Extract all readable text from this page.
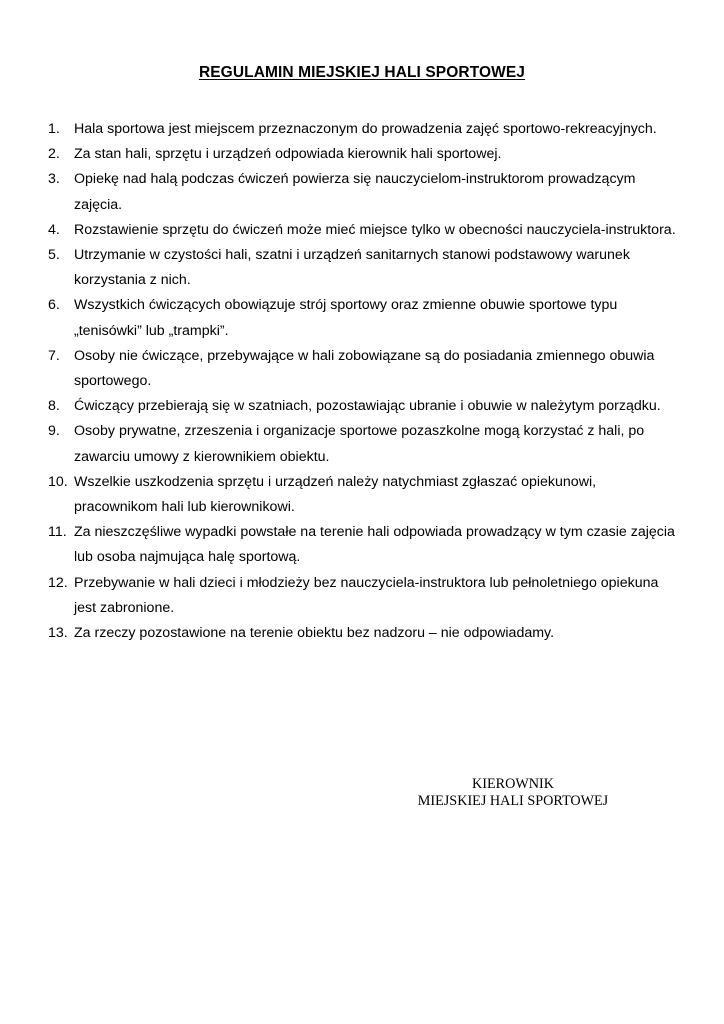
REGULAMIN MIEJSKIEJ HALI SPORTOWEJ
1. Hala sportowa jest miejscem przeznaczonym do prowadzenia zajęć sportowo-rekreacyjnych.
2. Za stan hali, sprzętu i urządzeń odpowiada kierownik hali sportowej.
3. Opiekę nad halą podczas ćwiczeń powierza się nauczycielom-instruktorom prowadzącym zajęcia.
4. Rozstawienie sprzętu do ćwiczeń może mieć miejsce tylko w obecności nauczyciela-instruktora.
5. Utrzymanie w czystości hali, szatni i urządzeń sanitarnych stanowi podstawowy warunek korzystania z nich.
6. Wszystkich ćwiczących obowiązuje strój sportowy oraz zmienne obuwie sportowe typu „tenisówki” lub „trampki”.
7. Osoby nie ćwiczące, przebywające w hali zobowiązane są do posiadania zmiennego obuwia sportowego.
8. Ćwiczący przebierają się w szatniach, pozostawiając ubranie i obuwie w należytym porządku.
9. Osoby prywatne, zrzeszenia i organizacje sportowe pozaszkolne mogą korzystać z hali, po zawarciu umowy z kierownikiem obiektu.
10. Wszelkie uszkodzenia sprzętu i urządzeń należy natychmiast zgłaszać opiekunowi, pracownikom hali lub kierownikowi.
11. Za nieszczęśliwe wypadki powstałe na terenie hali odpowiada prowadzący w tym czasie zajęcia lub osoba najmująca halę sportową.
12. Przebywanie w hali dzieci i młodzieży bez nauczyciela-instruktora lub pełnoletniego opiekuna jest zabronione.
13. Za rzeczy pozostawione na terenie obiektu bez nadzoru – nie odpowiadamy.
KIEROWNIK
MIEJSKIEJ HALI SPORTOWEJ
